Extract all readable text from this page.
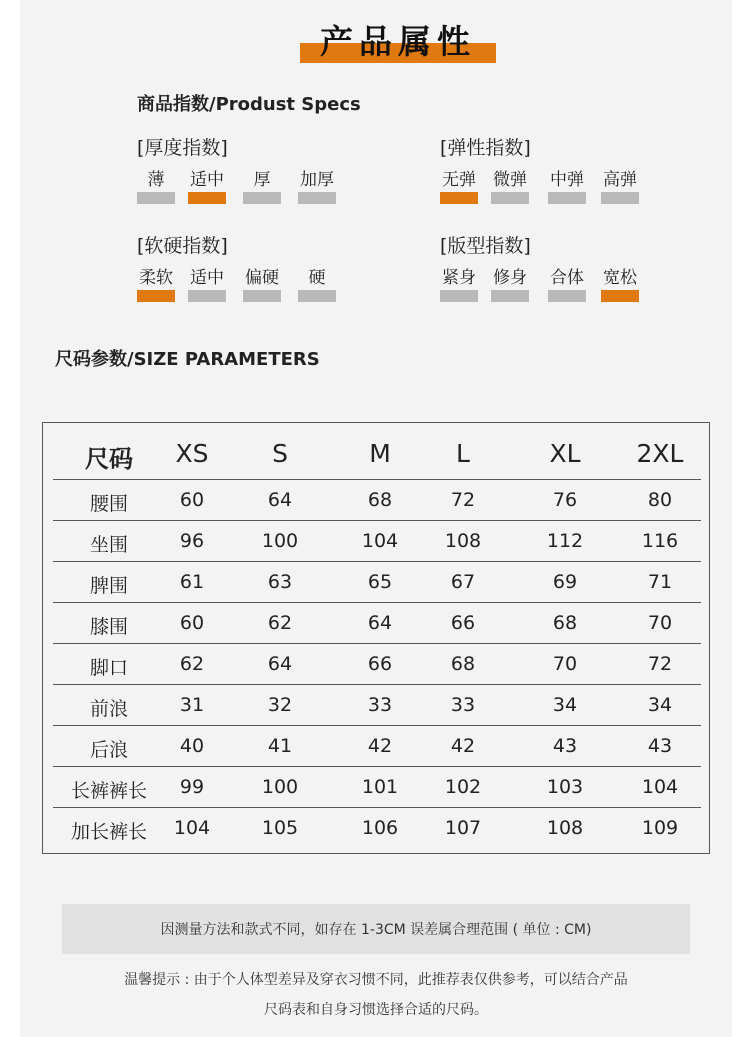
产品属性
商品指数/Produst Specs
[厚度指数]
薄	适中	厚	加厚
[弹性指数]
无弹 微弹 中弹 高弹
[软硬指数]
柔软 适中 偏硬	硬
[版型指数]
紧身 修身 合体 宽松
尺码参数/SIZE PARAMETERS
尺码	XS	S	M	L	XL	2XL
腰围	60	64	68	72	76	80
坐围	96	100	104	108	112	116
脾围	61	63	65	67	69	71
膝围	60	62	64	66	68	70
脚口	62	64	66	68	70	72
前浪	31	32	33	33	34	34
后浪	40	41	42	42	43	43
长裤裤长	99	100	101	102	103	104
加长裤长	104	105	106	107	108	109
因测量方法和款式不同，如存在 1-3CM 误差属合理范围 ( 单位 : CM)
温馨提示 : 由于个人体型差异及穿衣习惯不同，此推荐表仅供参考，可以结合产品
尺码表和自身习惯选择合适的尺码。
